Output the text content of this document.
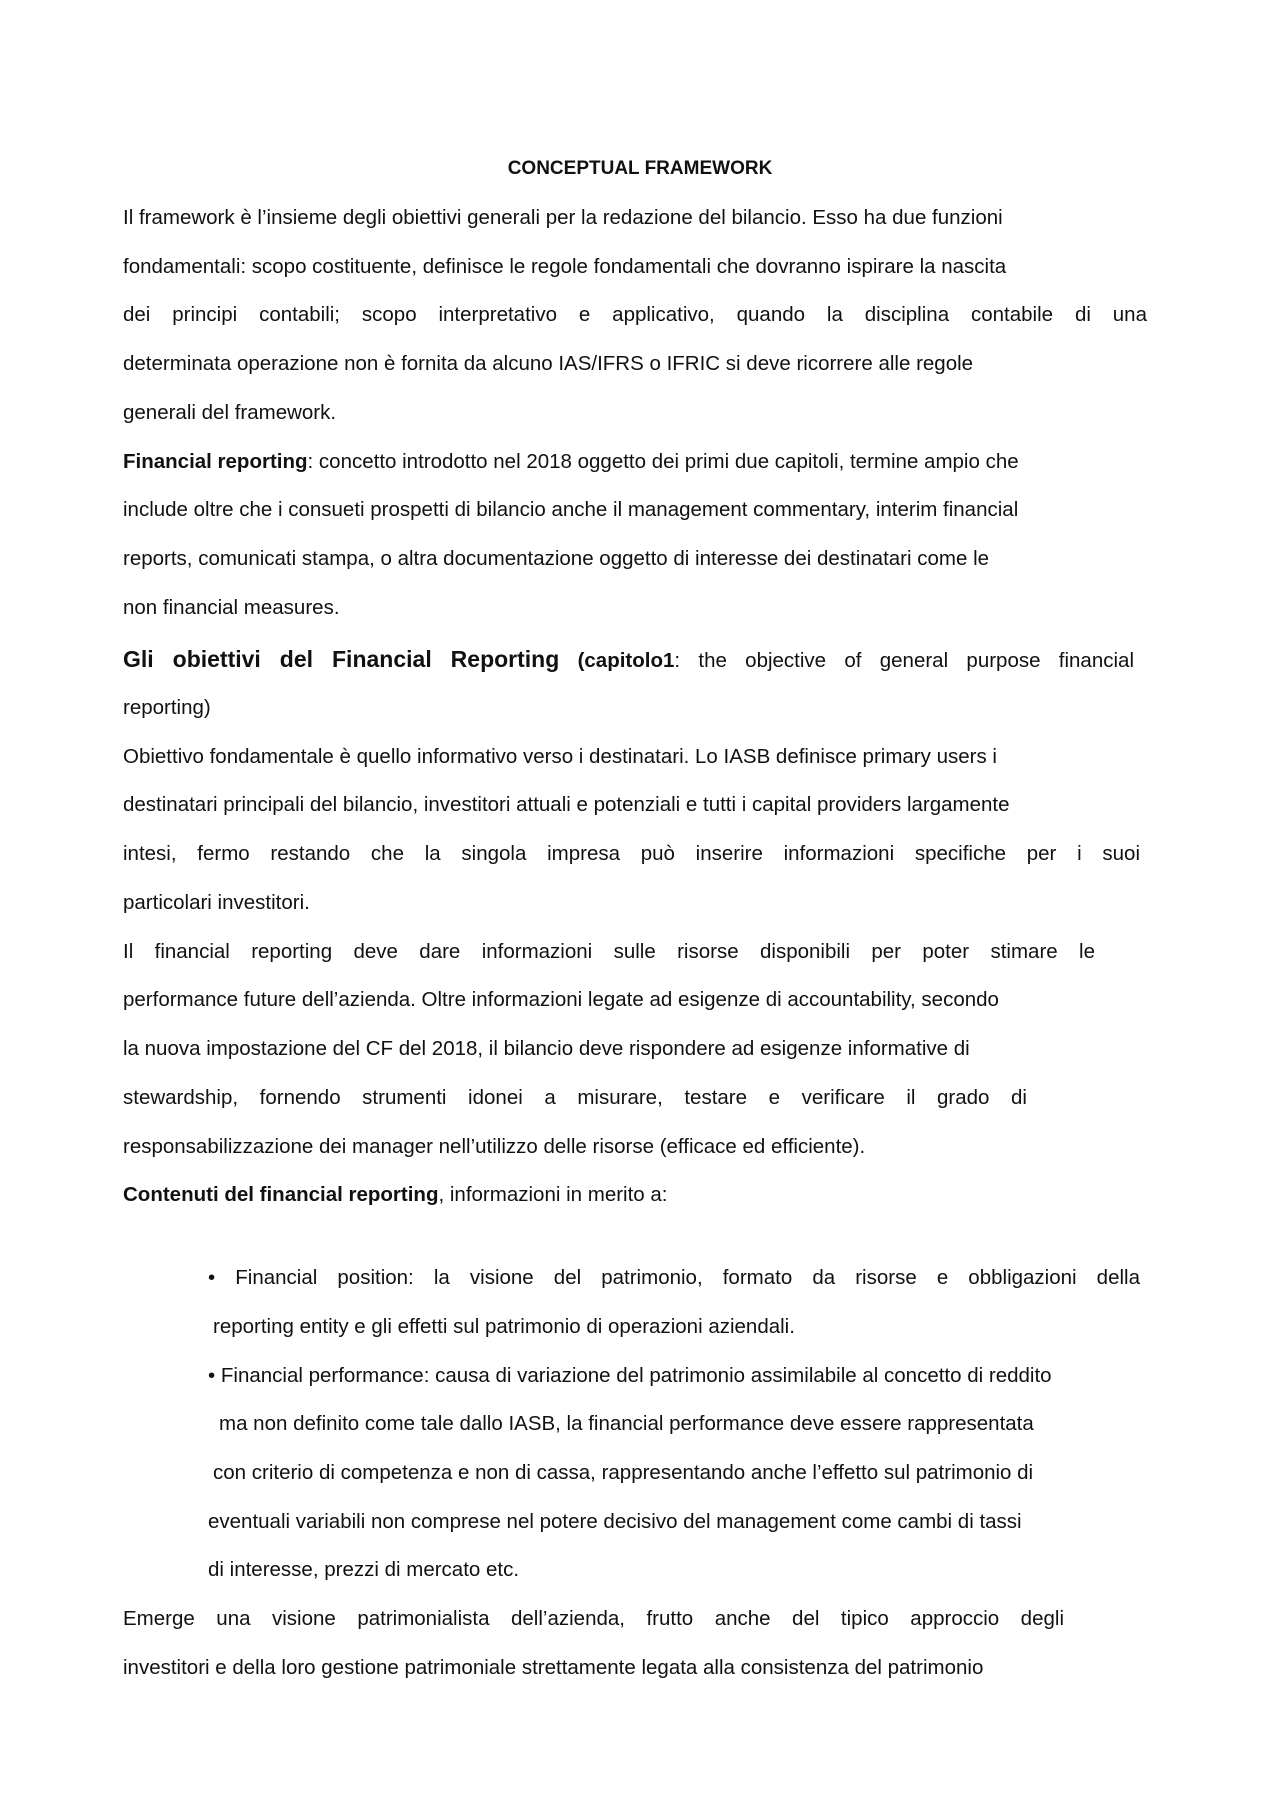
CONCEPTUAL FRAMEWORK
Il framework è l’insieme degli obiettivi generali per la redazione del bilancio. Esso ha due funzioni
fondamentali: scopo costituente, definisce le regole fondamentali che dovranno ispirare la nascita
dei principi contabili; scopo interpretativo e applicativo, quando la disciplina contabile di una
determinata operazione non è fornita da alcuno IAS/IFRS o IFRIC si deve ricorrere alle regole
generali del framework.
Financial reporting: concetto introdotto nel 2018 oggetto dei primi due capitoli, termine ampio che
include oltre che i consueti prospetti di bilancio anche il management commentary, interim financial
reports, comunicati stampa, o altra documentazione oggetto di interesse dei destinatari come le
non financial measures.
Gli obiettivi del Financial Reporting (capitolo1: the objective of general purpose financial
reporting)
Obiettivo fondamentale è quello informativo verso i destinatari. Lo IASB definisce primary users i
destinatari principali del bilancio, investitori attuali e potenziali e tutti i capital providers largamente
intesi, fermo restando che la singola impresa può inserire informazioni specifiche per i suoi
particolari investitori.
Il financial reporting deve dare informazioni sulle risorse disponibili per poter stimare le
performance future dell’azienda. Oltre informazioni legate ad esigenze di accountability, secondo
la nuova impostazione del CF del 2018, il bilancio deve rispondere ad esigenze informative di
stewardship, fornendo strumenti idonei a misurare, testare e verificare il grado di
responsabilizzazione dei manager nell’utilizzo delle risorse (efficace ed efficiente).
Contenuti del financial reporting, informazioni in merito a:
• Financial position: la visione del patrimonio, formato da risorse e obbligazioni della
reporting entity e gli effetti sul patrimonio di operazioni aziendali.
• Financial performance: causa di variazione del patrimonio assimilabile al concetto di reddito
ma non definito come tale dallo IASB, la financial performance deve essere rappresentata
con criterio di competenza e non di cassa, rappresentando anche l’effetto sul patrimonio di
eventuali variabili non comprese nel potere decisivo del management come cambi di tassi
di interesse, prezzi di mercato etc.
Emerge una visione patrimonialista dell’azienda, frutto anche del tipico approccio degli
investitori e della loro gestione patrimoniale strettamente legata alla consistenza del patrimonio
